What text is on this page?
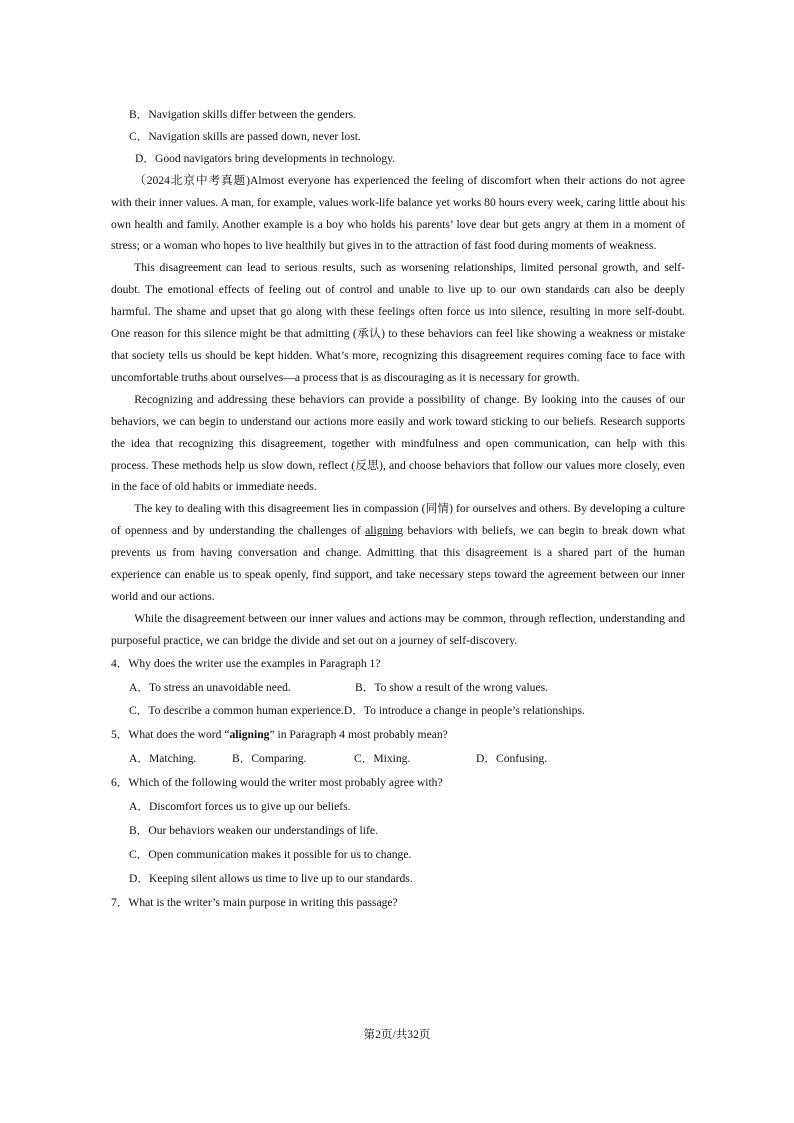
B．Navigation skills differ between the genders.
C．Navigation skills are passed down, never lost.
D．Good navigators bring developments in technology.

（2024北京中考真题)Almost everyone has experienced the feeling of discomfort when their actions do not agree with their inner values. A man, for example, values work-life balance yet works 80 hours every week, caring little about his own health and family. Another example is a boy who holds his parents’ love dear but gets angry at them in a moment of stress; or a woman who hopes to live healthily but gives in to the attraction of fast food during moments of weakness.

This disagreement can lead to serious results, such as worsening relationships, limited personal growth, and self-doubt. The emotional effects of feeling out of control and unable to live up to our own standards can also be deeply harmful. The shame and upset that go along with these feelings often force us into silence, resulting in more self-doubt. One reason for this silence might be that admitting (承认) to these behaviors can feel like showing a weakness or mistake that society tells us should be kept hidden. What’s more, recognizing this disagreement requires coming face to face with uncomfortable truths about ourselves—a process that is as discouraging as it is necessary for growth.

Recognizing and addressing these behaviors can provide a possibility of change. By looking into the causes of our behaviors, we can begin to understand our actions more easily and work toward sticking to our beliefs. Research supports the idea that recognizing this disagreement, together with mindfulness and open communication, can help with this process. These methods help us slow down, reflect (反思), and choose behaviors that follow our values more closely, even in the face of old habits or immediate needs.

The key to dealing with this disagreement lies in compassion (同情) for ourselves and others. By developing a culture of openness and by understanding the challenges of aligning behaviors with beliefs, we can begin to break down what prevents us from having conversation and change. Admitting that this disagreement is a shared part of the human experience can enable us to speak openly, find support, and take necessary steps toward the agreement between our inner world and our actions.

While the disagreement between our inner values and actions may be common, through reflection, understanding and purposeful practice, we can bridge the divide and set out on a journey of self-discovery.

4．Why does the writer use the examples in Paragraph 1?
A．To stress an unavoidable need.	B．To show a result of the wrong values.
C．To describe a common human experience. D．To introduce a change in people’s relationships.
5．What does the word “aligning” in Paragraph 4 most probably mean?
A．Matching.	B．Comparing.	C．Mixing.	D．Confusing.
6．Which of the following would the writer most probably agree with?
A．Discomfort forces us to give up our beliefs.
B．Our behaviors weaken our understandings of life.
C．Open communication makes it possible for us to change.
D．Keeping silent allows us time to live up to our standards.
7．What is the writer’s main purpose in writing this passage?
第2页/共32页
